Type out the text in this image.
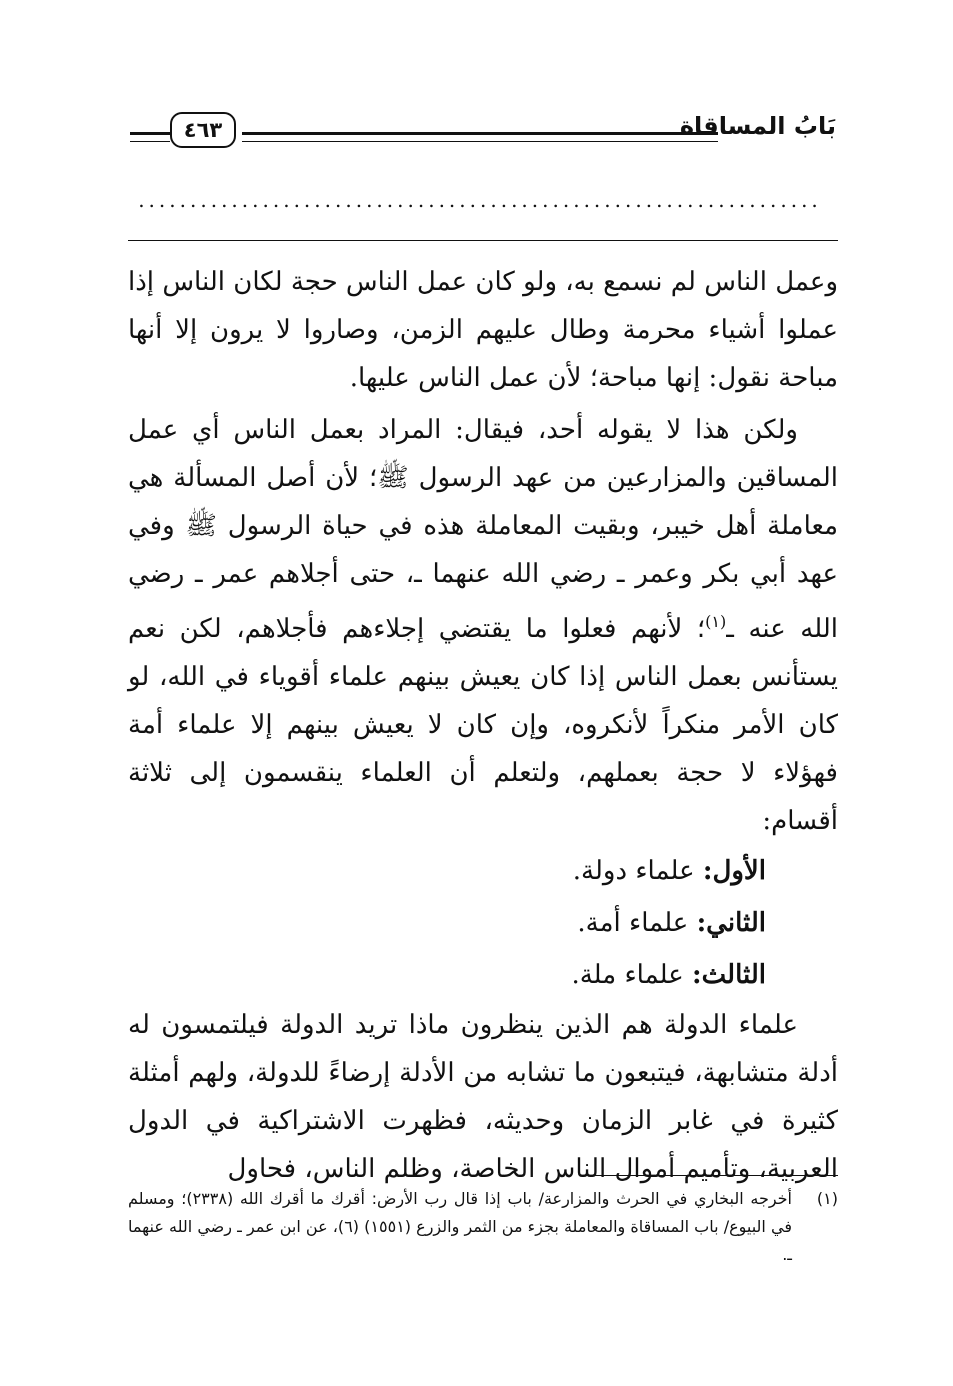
بَابُ المساقاة
٤٦٣
..................................................................

وعمل الناس لم نسمع به، ولو كان عمل الناس حجة لكان الناس إذا عملوا أشياء محرمة وطال عليهم الزمن، وصاروا لا يرون إلا أنها مباحة نقول: إنها مباحة؛ لأن عمل الناس عليها.

ولكن هذا لا يقوله أحد، فيقال: المراد بعمل الناس أي عمل المساقين والمزارعين من عهد الرسول ﷺ؛ لأن أصل المسألة هي معاملة أهل خيبر، وبقيت المعاملة هذه في حياة الرسول ﷺ وفي عهد أبي بكر وعمر ـ رضي الله عنهما ـ، حتى أجلاهم عمر ـ رضي الله عنه ـ$^{(١)}$؛ لأنهم فعلوا ما يقتضي إجلاءهم فأجلاهم، لكن نعم يستأنس بعمل الناس إذا كان يعيش بينهم علماء أقوياء في الله، لو كان الأمر منكراً لأنكروه، وإن كان لا يعيش بينهم إلا علماء أمة فهؤلاء لا حجة بعملهم، ولتعلم أن العلماء ينقسمون إلى ثلاثة أقسام:

الأول: علماء دولة.

الثاني: علماء أمة.

الثالث: علماء ملة.

علماء الدولة هم الذين ينظرون ماذا تريد الدولة فيلتمسون له أدلة متشابهة، فيتبعون ما تشابه من الأدلة إرضاءً للدولة، ولهم أمثلة كثيرة في غابر الزمان وحديثه، فظهرت الاشتراكية في الدول العربية، وتأميم أموال الناس الخاصة، وظلم الناس، فحاول

(١)

أخرجه البخاري في الحرث والمزارعة/ باب إذا قال رب الأرض: أقرك ما أقرك الله (٢٣٣٨)؛ ومسلم في البيوع/ باب المساقاة والمعاملة بجزء من الثمر والزرع (١٥٥١) (٦)، عن ابن عمر ـ رضي الله عنهما ـ.
